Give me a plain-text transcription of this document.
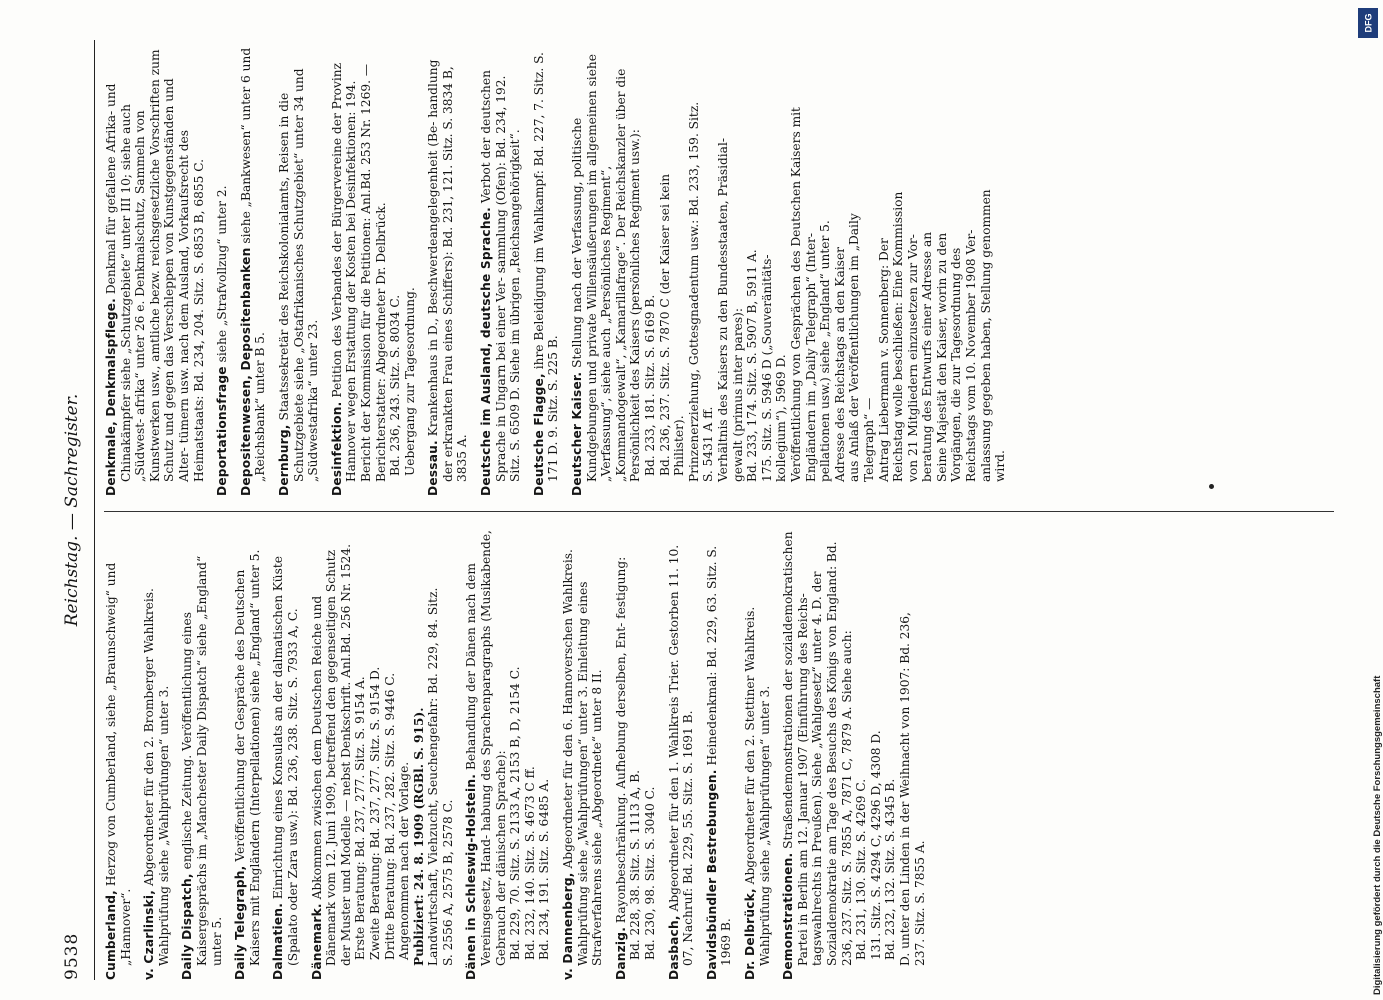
9538
Reichstag. — Sachregister.
Cumberland, Herzog von Cumberland, siehe „Braunschweig“ und „Hannover“. v. Czarlinski, Abgeordneter für den 2. Bromberger Wahlkreis. Wahlprüfung siehe „Wahlprüfungen“ unter 3. Daily Dispatch, englische Zeitung. Veröffentlichung eines Kaisergesprächs im „Manchester Daily Dispatch“ siehe „England“ unter 5. Daily Telegraph, Veröffentlichung der Gespräche des Deutschen Kaisers mit Engländern (Interpellationen) siehe „England“ unter 5.
Dalmatien. Einrichtung eines Konsulats an der dalmatischen Küste (Spalato oder Zara usw.): Bd. 236, 238. Sitz. S. 7933 A, C.
Dänemark. Abkommen zwischen dem Deutschen Reiche und Dänemark vom 12. Juni 1909, betreffend den gegenseitigen Schutz der Muster und Modelle — nebst Denkschrift. Anl.Bd. 256 Nr. 1524.
Erste Beratung: Bd. 237, 277. Sitz. S. 9154 A. Zweite Beratung: Bd. 237, 277. Sitz. S. 9154 D. Dritte Beratung: Bd. 237, 282. Sitz. S. 9446 C. Angenommen nach der Vorlage. Publiziert: 24. 8. 1909 (RGBl. S. 915). Landwirtschaft, Viehzucht, Seuchengefahr: Bd. 229, 84. Sitz. S. 2556 A, 2575 B, 2578 C. Dänen in Schleswig-Holstein. Behandlung der Dänen nach dem Vereinsgesetz, Hand- habung des Sprachenparagraphs (Musikabende, Gebrauch der dänischen Sprache): Bd. 229, 70. Sitz. S. 2133 A, 2153 B, D, 2154 C. Bd. 232, 140. Sitz. S. 4673 C ff. Bd. 234, 191. Sitz. S. 6485 A. v. Dannenberg, Abgeordneter für den 6. Hannoverschen Wahlkreis. Wahlprüfung siehe „Wahlprüfungen“ unter 3. Einleitung eines Strafverfahrens siehe „Abgeordnete“ unter 8 II.
Danzig. Rayonbeschränkung. Aufhebung derselben, Ent- festigung:
Bd. 228, 38. Sitz. S. 1113 A, B. Bd. 230, 98. Sitz. S. 3040 C. Dasbach, Abgeordneter für den 1. Wahlkreis Trier. Gestorben 11. 10. 07, Nachruf: Bd. 229, 55. Sitz. S. 1691 B. Davidsbündler Bestrebungen. Heinedenkmal: Bd. 229, 63. Sitz. S. 1969 B. Dr. Delbrück, Abgeordneter für den 2. Stettiner Wahlkreis. Wahlprüfung siehe „Wahlprüfungen“ unter 3. Demonstrationen. Straßendemonstrationen der sozialdemokratischen Partei in Berlin am 12. Januar 1907 (Einführung des Reichs- tagswahlrechts in Preußen). Siehe „Wahlgesetz“ unter 4. D. der Sozialdemokratie am Tage des Besuchs des Königs von England: Bd. 236, 237. Sitz. S. 7855 A, 7871 C, 7879 A. Siehe auch:
Bd. 231, 130. Sitz. S. 4269 C. 131. Sitz. S. 4294 C, 4296 D, 4308 D. Bd. 232, 132. Sitz. S. 4345 B. D. unter den Linden in der Weihnacht von 1907: Bd. 236, 237. Sitz. S. 7855 A.
Denkmale, Denkmalspflege. Denkmal für gefallene Afrika- und Chinakämpfer siehe „Schutzgebiete“ unter III 10; siehe auch „Südwest- afrika“ unter 26 e. Denkmalschutz, Sammeln von Kunstwerken usw., amtliche bezw. reichsgesetzliche Vorschriften zum Schutz und gegen das Verschleppen von Kunstgegenständen und Alter- tümern usw. nach dem Ausland, Vorkaufsrecht des Heimatstaats: Bd. 234, 204. Sitz. S. 6853 B, 6855 C. Deportationsfrage siehe „Strafvollzug“ unter 2. Depositenwesen, Depositenbanken siehe „Bankwesen“ unter 6 und „Reichsbank“ unter B 5. Dernburg, Staatssekretär des Reichskolonialamts, Reisen in die Schutzgebiete siehe „Ostafrikanisches Schutzgebiet“ unter 34 und „Südwestafrika“ unter 23. Desinfektion. Petition des Verbandes der Bürgervereine der Provinz Hannover wegen Erstattung der Kosten bei Desinfektionen: 194. Bericht der Kommission für die Petitionen: Anl.Bd. 253 Nr. 1269. — Berichterstatter: Abgeordneter Dr. Delbrück.
Bd. 236, 243. Sitz. S. 8034 C. Uebergang zur Tagesordnung. Dessau. Krankenhaus in D., Beschwerdeangelegenheit (Be- handlung der erkrankten Frau eines Schiffers): Bd. 231, 121. Sitz. S. 3834 B, 3835 A. Deutsche im Ausland, deutsche Sprache. Verbot der deutschen Sprache in Ungarn bei einer Ver- sammlung (Ofen): Bd. 234, 192. Sitz. S. 6509 D. Siehe im übrigen „Reichsangehörigkeit“.
Deutsche Flagge, ihre Beleidigung im Wahlkampf: Bd. 227, 7. Sitz. S. 171 D. 9. Sitz. S. 225 B. Deutscher Kaiser. Stellung nach der Verfassung, politische Kundgebungen und private Willensäußerungen im allgemeinen siehe „Verfassung“, siehe auch „Persönliches Regiment“, „Kommandogewalt“, „Kamarillafrage“. Der Reichskanzler über die Persönlichkeit des Kaisers (persönliches Regiment usw.):
Bd. 233, 181. Sitz. S. 6169 B. Bd. 236, 237. Sitz. S. 7870 C (der Kaiser sei kein Philister). Prinzenerziehung, Gottesgnadentum usw.: Bd. 233, 159. Sitz. S. 5431 A ff. Verhältnis des Kaisers zu den Bundesstaaten, Präsidial- gewalt (primus inter pares): Bd. 233, 174. Sitz. S. 5907 B, 5911 A. 175. Sitz. S. 5946 D („Souveränitäts- kollegium“), 5969 D. Veröffentlichung von Gesprächen des Deutschen Kaisers mit Engländern im „Daily Telegraph“ (Inter- pellationen usw.) siehe „England“ unter 5. Adresse des Reichstags an den Kaiser aus Anlaß der Veröffentlichungen im „Daily Telegraph“ — Antrag Liebermann v. Sonnenberg: Der Reichstag wolle beschließen: Eine Kommission von 21 Mitgliedern einzusetzen zur Vor- beratung des Entwurfs einer Adresse an Seine Majestät den Kaiser, worin zu den Vorgängen, die zur Tagesordnung des Reichstags vom 10. November 1908 Ver- anlassung gegeben haben, Stellung genommen wird.
DFG
Digitalisierung gefördert durch die Deutsche Forschungsgemeinschaft
